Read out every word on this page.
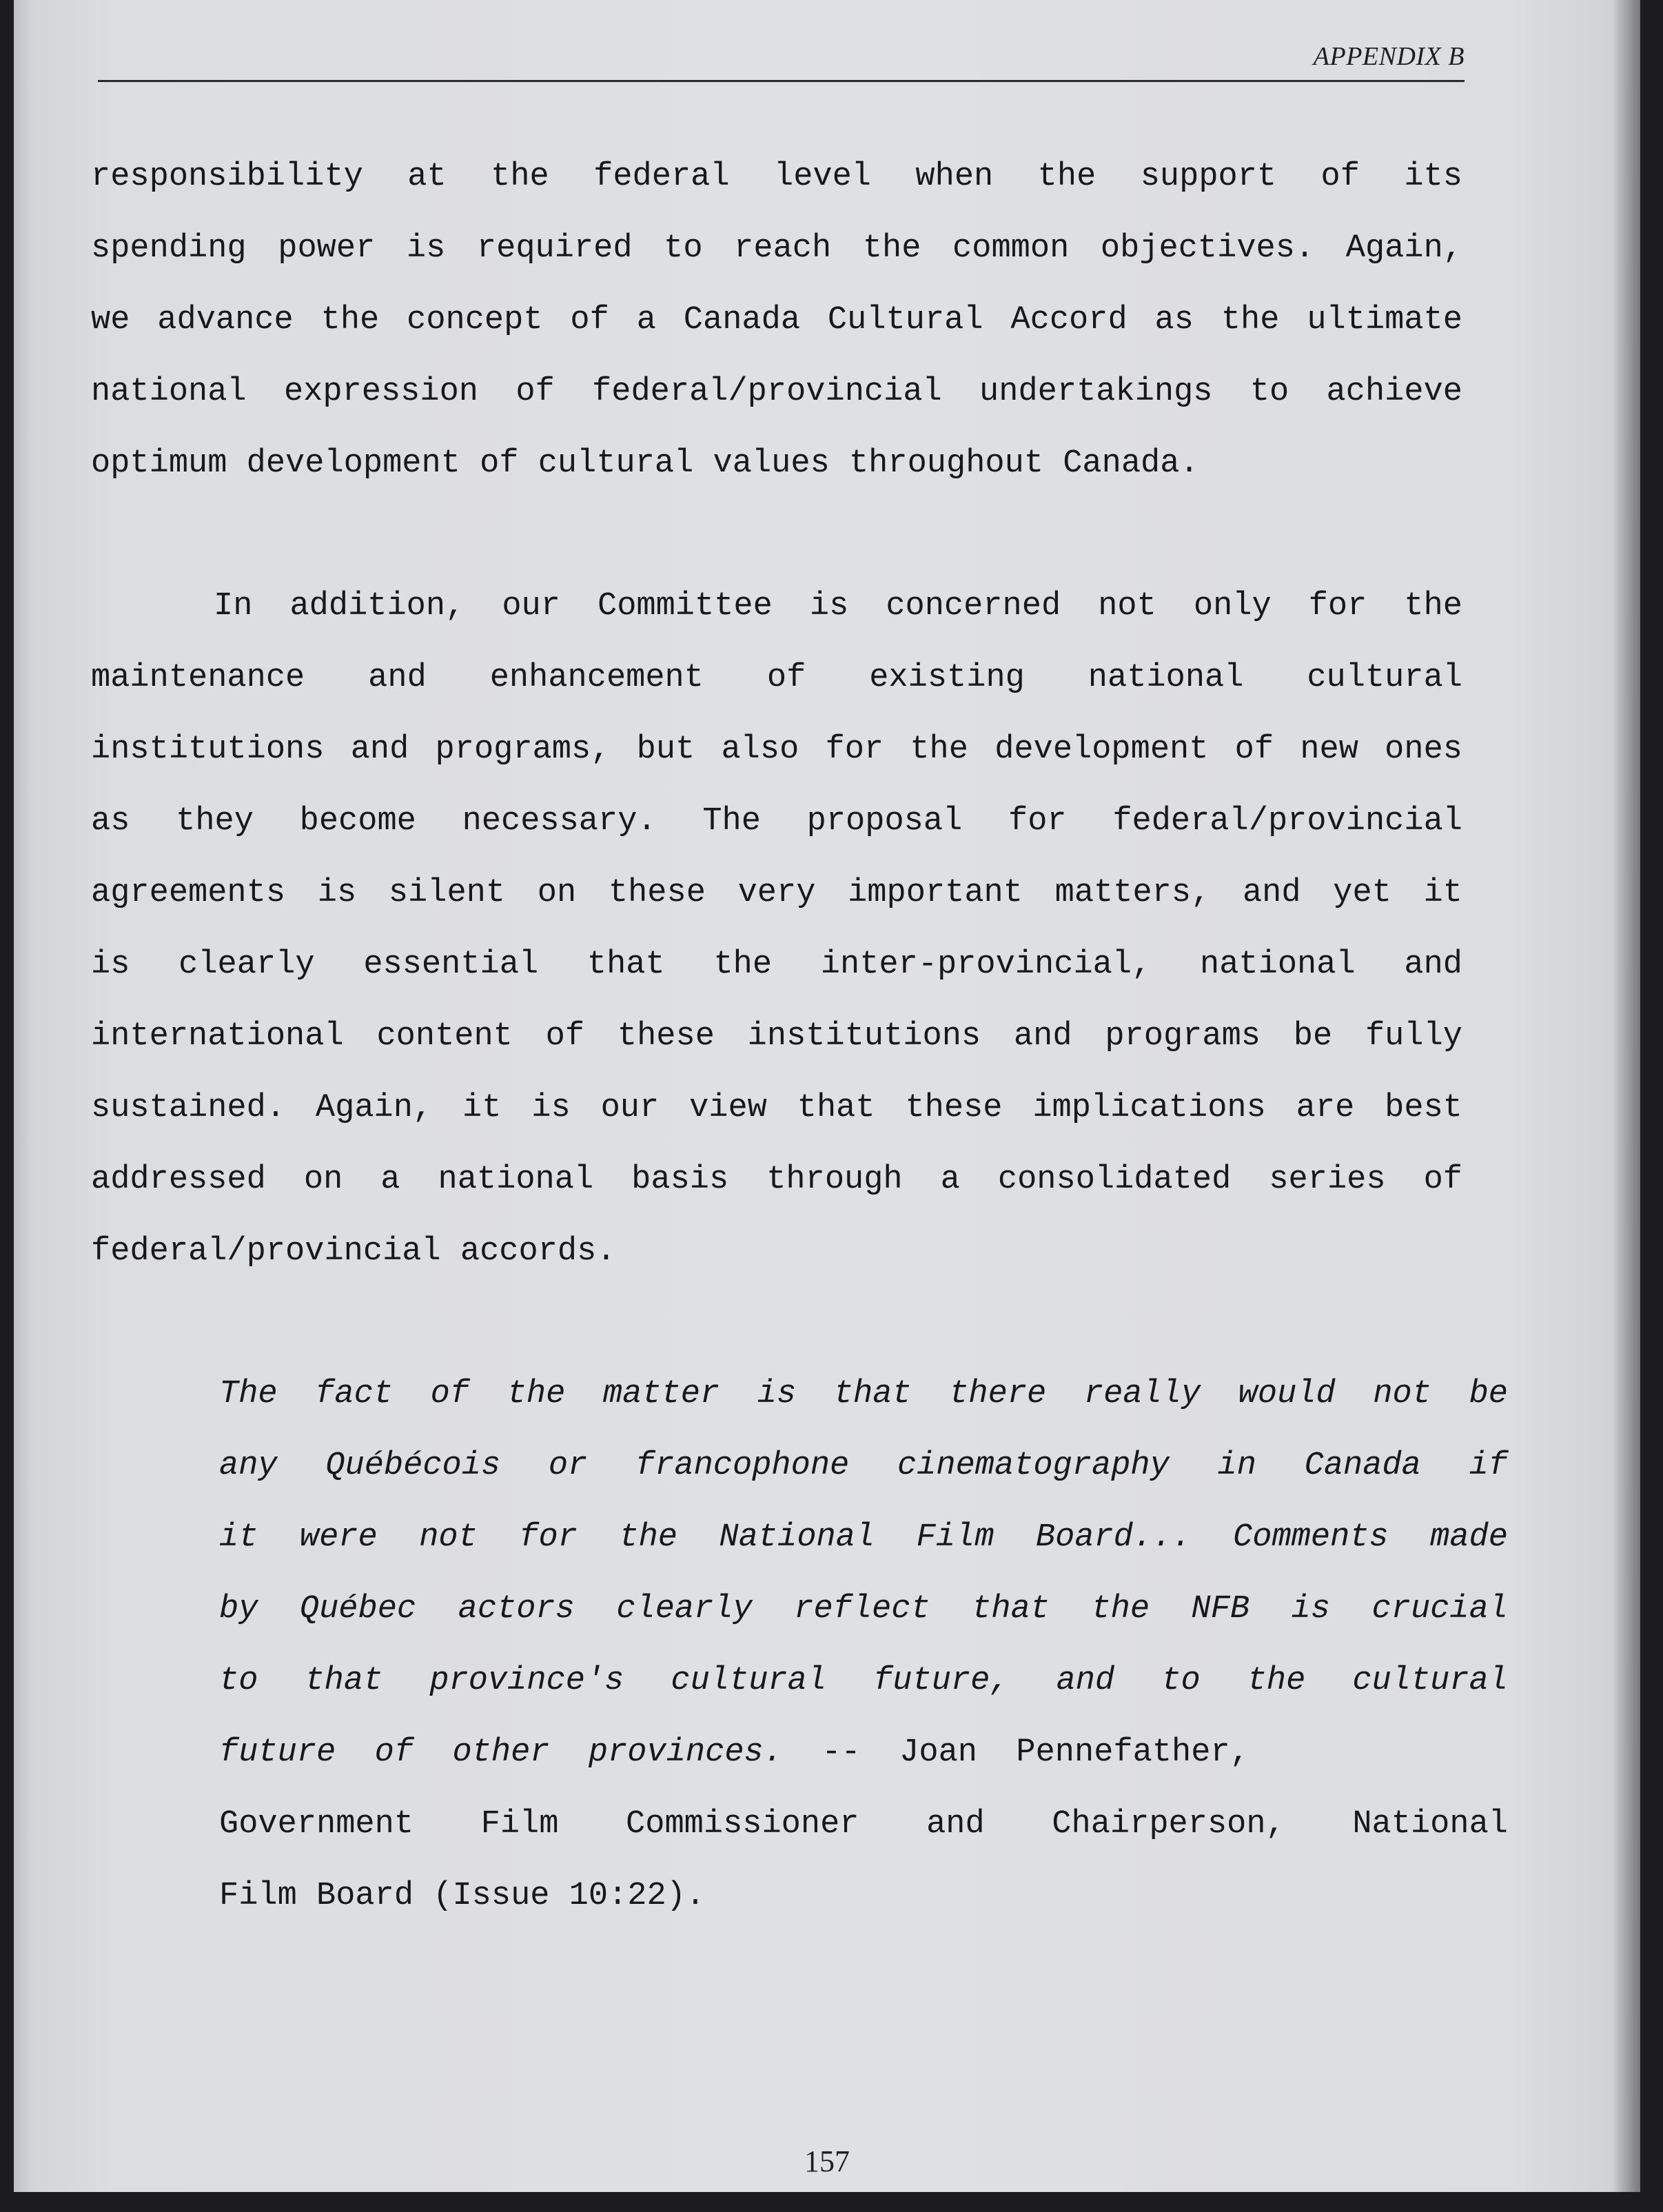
APPENDIX B
responsibility at the federal level when the support of its
spending power is required to reach the common objectives. Again,
we advance the concept of a Canada Cultural Accord as the ultimate
national expression of federal/provincial undertakings to achieve
optimum development of cultural values throughout Canada.
In addition, our Committee is concerned not only for the
maintenance and enhancement of existing national cultural
institutions and programs, but also for the development of new ones
as they become necessary. The proposal for federal/provincial
agreements is silent on these very important matters, and yet it
is clearly essential that the inter-provincial, national and
international content of these institutions and programs be fully
sustained. Again, it is our view that these implications are best
addressed on a national basis through a consolidated series of
federal/provincial accords.
The fact of the matter is that there really would not be
any Québécois or francophone cinematography in Canada if
it were not for the National Film Board... Comments made
by Québec actors clearly reflect that the NFB is crucial
to that province's cultural future, and to the cultural
future  of  other  provinces.  --  Joan  Pennefather,
Government Film Commissioner and Chairperson, National
Film Board (Issue 10:22).
157
